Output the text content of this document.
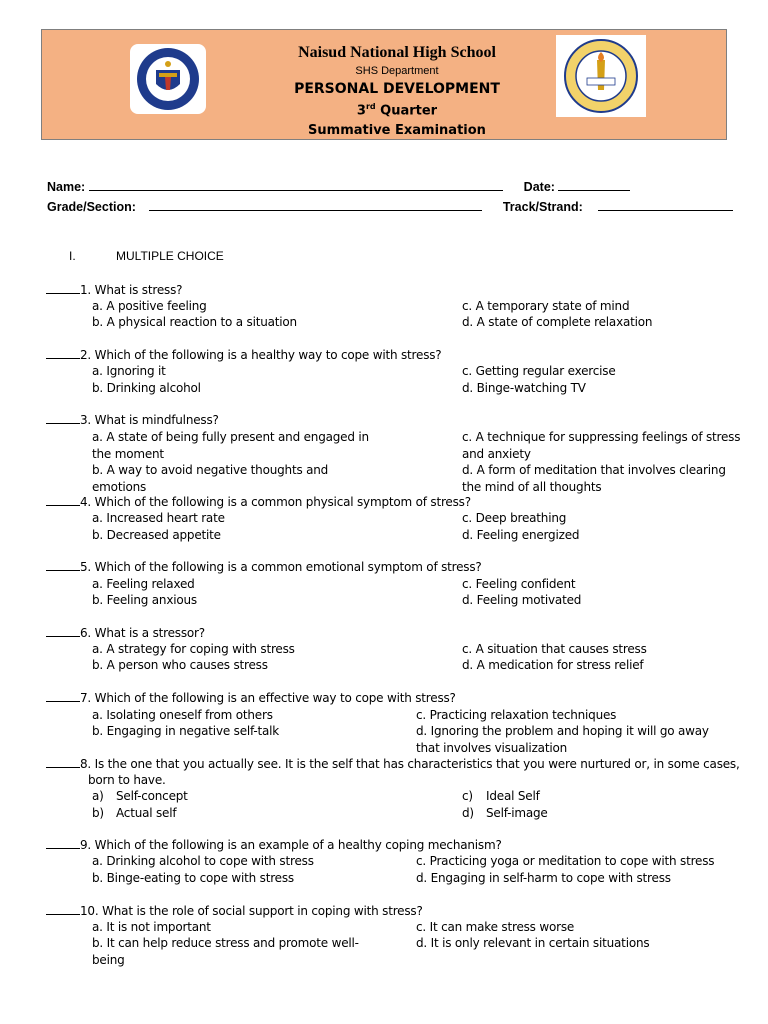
Naisud National High School
SHS Department
PERSONAL DEVELOPMENT
3rd Quarter
Summative Examination
Name:	Date:
Grade/Section:	Track/Strand:
I.	MULTIPLE CHOICE
1. What is stress?
a. A positive feeling
b. A physical reaction to a situation
c. A temporary state of mind
d. A state of complete relaxation
2. Which of the following is a healthy way to cope with stress?
a. Ignoring it
b. Drinking alcohol
c. Getting regular exercise
d. Binge-watching TV
3. What is mindfulness?
a. A state of being fully present and engaged in the moment
b. A way to avoid negative thoughts and emotions
c. A technique for suppressing feelings of stress and anxiety
d. A form of meditation that involves clearing the mind of all thoughts
4. Which of the following is a common physical symptom of stress?
a. Increased heart rate
b. Decreased appetite
c. Deep breathing
d. Feeling energized
5. Which of the following is a common emotional symptom of stress?
a. Feeling relaxed
b. Feeling anxious
c. Feeling confident
d. Feeling motivated
6. What is a stressor?
a. A strategy for coping with stress
b. A person who causes stress
c. A situation that causes stress
d. A medication for stress relief
7. Which of the following is an effective way to cope with stress?
a. Isolating oneself from others
b. Engaging in negative self-talk
c. Practicing relaxation techniques
d. Ignoring the problem and hoping it will go away that involves visualization
8. Is the one that you actually see. It is the self that has characteristics that you were nurtured or, in some cases,
born to have.
a) Self-concept
b) Actual self
c) Ideal Self
d) Self-image
9. Which of the following is an example of a healthy coping mechanism?
a. Drinking alcohol to cope with stress
b. Binge-eating to cope with stress
c. Practicing yoga or meditation to cope with stress
d. Engaging in self-harm to cope with stress
10. What is the role of social support in coping with stress?
a. It is not important
b. It can help reduce stress and promote well-being
c. It can make stress worse
d. It is only relevant in certain situations
